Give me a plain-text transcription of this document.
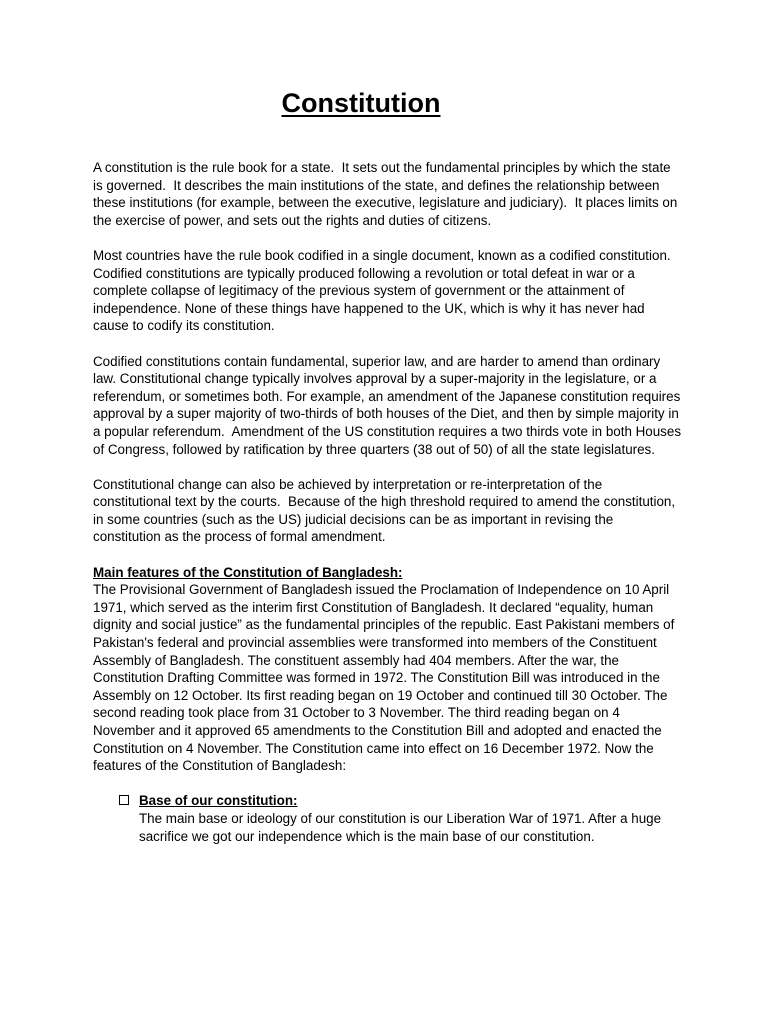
Constitution

A constitution is the rule book for a state.  It sets out the fundamental principles by which the state is governed.  It describes the main institutions of the state, and defines the relationship between these institutions (for example, between the executive, legislature and judiciary).  It places limits on the exercise of power, and sets out the rights and duties of citizens.

Most countries have the rule book codified in a single document, known as a codified constitution. Codified constitutions are typically produced following a revolution or total defeat in war or a complete collapse of legitimacy of the previous system of government or the attainment of independence. None of these things have happened to the UK, which is why it has never had cause to codify its constitution.

Codified constitutions contain fundamental, superior law, and are harder to amend than ordinary law. Constitutional change typically involves approval by a super-majority in the legislature, or a referendum, or sometimes both. For example, an amendment of the Japanese constitution requires approval by a super majority of two-thirds of both houses of the Diet, and then by simple majority in a popular referendum.  Amendment of the US constitution requires a two thirds vote in both Houses of Congress, followed by ratification by three quarters (38 out of 50) of all the state legislatures.

Constitutional change can also be achieved by interpretation or re-interpretation of the constitutional text by the courts.  Because of the high threshold required to amend the constitution, in some countries (such as the US) judicial decisions can be as important in revising the constitution as the process of formal amendment.

Main features of the Constitution of Bangladesh:

The Provisional Government of Bangladesh issued the Proclamation of Independence on 10 April 1971, which served as the interim first Constitution of Bangladesh. It declared “equality, human dignity and social justice” as the fundamental principles of the republic. East Pakistani members of Pakistan's federal and provincial assemblies were transformed into members of the Constituent Assembly of Bangladesh. The constituent assembly had 404 members. After the war, the Constitution Drafting Committee was formed in 1972. The Constitution Bill was introduced in the Assembly on 12 October. Its first reading began on 19 October and continued till 30 October. The second reading took place from 31 October to 3 November. The third reading began on 4 November and it approved 65 amendments to the Constitution Bill and adopted and enacted the Constitution on 4 November. The Constitution came into effect on 16 December 1972. Now the features of the Constitution of Bangladesh:

Base of our constitution:

The main base or ideology of our constitution is our Liberation War of 1971. After a huge sacrifice we got our independence which is the main base of our constitution.
